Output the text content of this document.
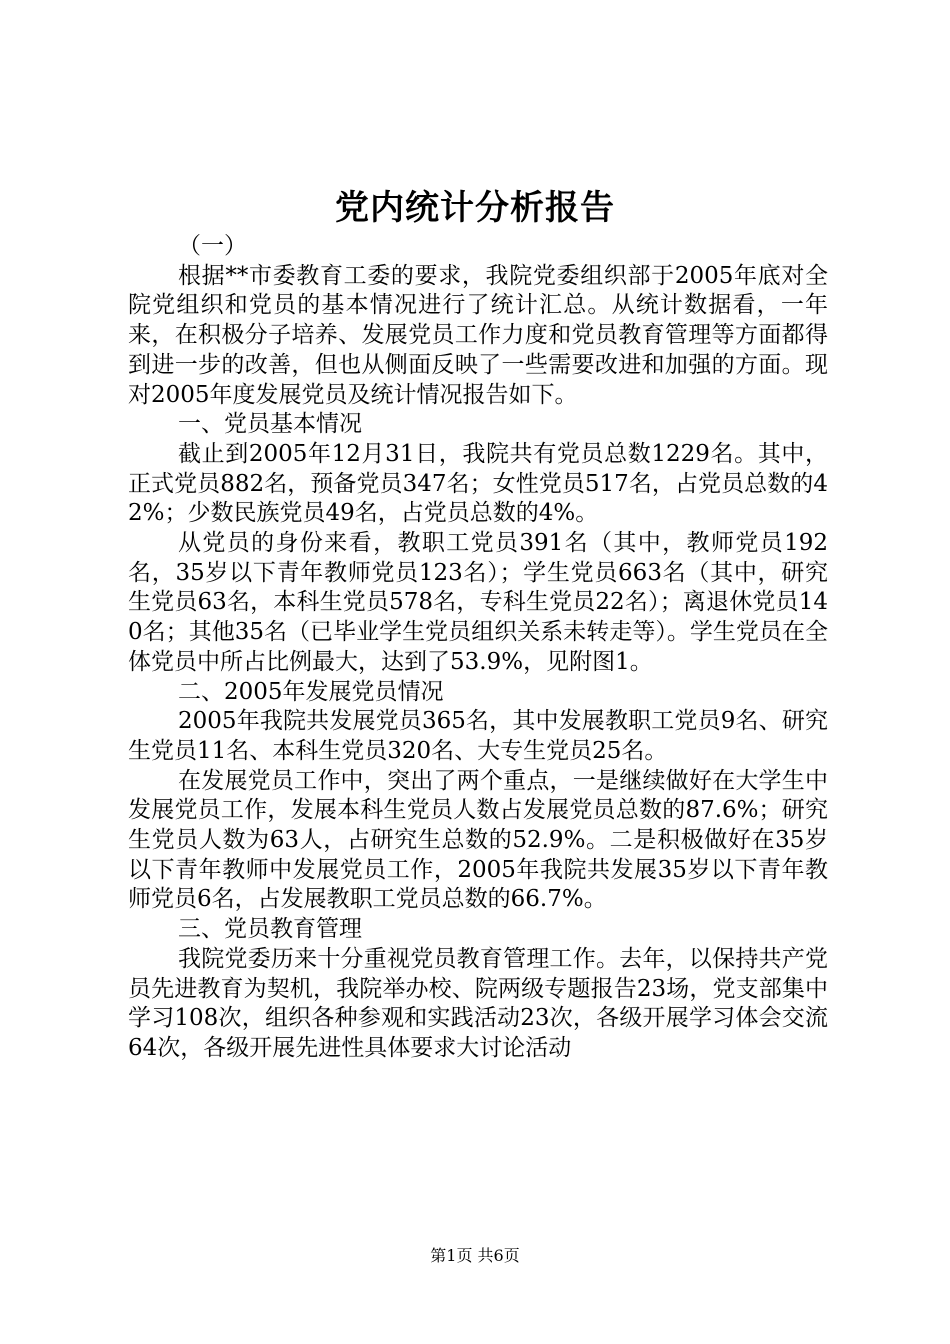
党内统计分析报告

（一）

根据**市委教育工委的要求，我院党委组织部于2005年底对全院党组织和党员的基本情况进行了统计汇总。从统计数据看，一年来，在积极分子培养、发展党员工作力度和党员教育管理等方面都得到进一步的改善，但也从侧面反映了一些需要改进和加强的方面。现对2005年度发展党员及统计情况报告如下。

一、党员基本情况

截止到2005年12月31日，我院共有党员总数1229名。其中，正式党员882名，预备党员347名；女性党员517名，占党员总数的42%；少数民族党员49名，占党员总数的4%。

从党员的身份来看，教职工党员391名（其中，教师党员192名，35岁以下青年教师党员123名）；学生党员663名（其中，研究生党员63名，本科生党员578名，专科生党员22名）；离退休党员140名；其他35名（已毕业学生党员组织关系未转走等）。学生党员在全体党员中所占比例最大，达到了53.9%，见附图1。

二、2005年发展党员情况

2005年我院共发展党员365名，其中发展教职工党员9名、研究生党员11名、本科生党员320名、大专生党员25名。

在发展党员工作中，突出了两个重点，一是继续做好在大学生中发展党员工作，发展本科生党员人数占发展党员总数的87.6%；研究生党员人数为63人，占研究生总数的52.9%。二是积极做好在35岁以下青年教师中发展党员工作，2005年我院共发展35岁以下青年教师党员6名，占发展教职工党员总数的66.7%。

三、党员教育管理

我院党委历来十分重视党员教育管理工作。去年，以保持共产党员先进教育为契机，我院举办校、院两级专题报告23场，党支部集中学习108次，组织各种参观和实践活动23次，各级开展学习体会交流64次，各级开展先进性具体要求大讨论活动

第1页 共6页
